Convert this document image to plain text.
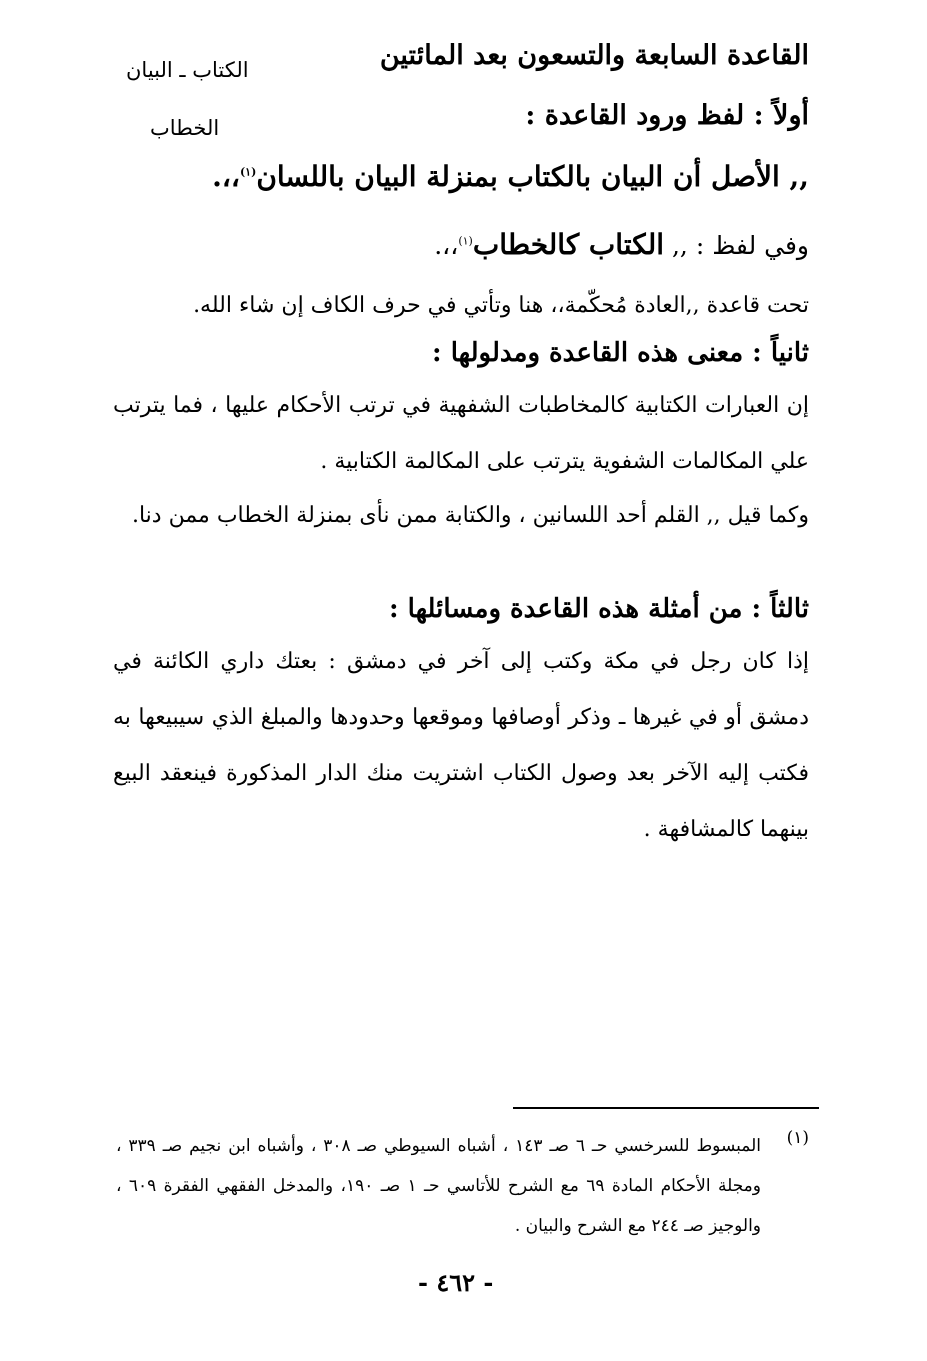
القاعدة السابعة والتسعون بعد المائتين
الكتاب ـ البيان
الخطاب	أولاً : لفظ ورود القاعدة :
,, الأصل أن البيان بالكتاب بمنزلة البيان باللسان$^{(١)}$،،.
وفي لفظ : ,, الكتاب كالخطاب$^{(١)}$،،.
تحت قاعدة ,,العادة مُحكّمة،، هنا وتأتي في حرف الكاف إن شاء الله.
ثانياً : معنى هذه القاعدة ومدلولها :
إن العبارات الكتابية كالمخاطبات الشفهية في ترتب الأحكام عليها ، فما يترتب علي المكالمات الشفوية يترتب على المكالمة الكتابية .
وكما قيل ,, القلم أحد اللسانين ، والكتابة ممن نأى بمنزلة الخطاب ممن دنا.
ثالثاً : من أمثلة هذه القاعدة ومسائلها :
إذا كان رجل في مكة وكتب إلى آخر في دمشق : بعتك داري الكائنة في دمشق أو في غيرها ـ وذكر أوصافها وموقعها وحدودها والمبلغ الذي سيبيعها به فكتب إليه الآخر بعد وصول الكتاب اشتريت منك الدار المذكورة فينعقد البيع بينهما كالمشافهة .
(١)
المبسوط للسرخسي حـ ٦ صـ ١٤٣ ، أشباه السيوطي صـ ٣٠٨ ، وأشباه ابن نجيم صـ ٣٣٩ ، ومجلة الأحكام المادة ٦٩ مع الشرح للأتاسي حـ ١ صـ ١٩٠، والمدخل الفقهي الفقرة ٦٠٩ ، والوجيز صـ ٢٤٤ مع الشرح والبيان .
- ٤٦٢ -
